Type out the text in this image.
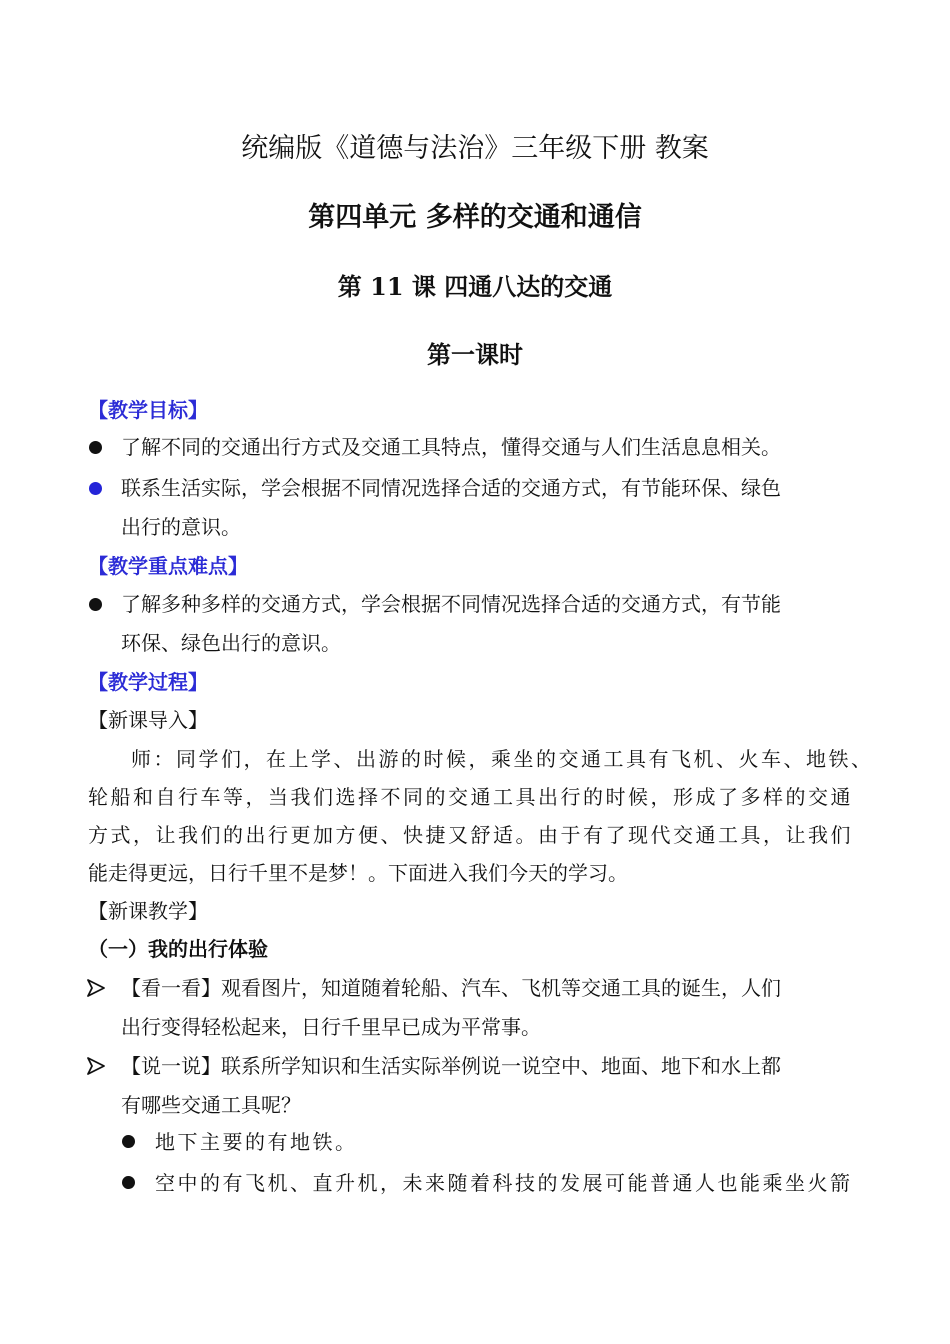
统编版《道德与法治》三年级下册 教案
第四单元 多样的交通和通信
第 11 课 四通八达的交通
第一课时
【教学目标】
了解不同的交通出行方式及交通工具特点，懂得交通与人们生活息息相关。
联系生活实际，学会根据不同情况选择合适的交通方式，有节能环保、绿色
出行的意识。
【教学重点难点】
了解多种多样的交通方式，学会根据不同情况选择合适的交通方式，有节能
环保、绿色出行的意识。
【教学过程】
【新课导入】
师：同学们，在上学、出游的时候，乘坐的交通工具有飞机、火车、地铁、
轮船和自行车等，当我们选择不同的交通工具出行的时候，形成了多样的交通
方式，让我们的出行更加方便、快捷又舒适。由于有了现代交通工具，让我们
能走得更远，日行千里不是梦！。下面进入我们今天的学习。
【新课教学】
（一）我的出行体验
【看一看】观看图片，知道随着轮船、汽车、飞机等交通工具的诞生，人们
出行变得轻松起来，日行千里早已成为平常事。
【说一说】联系所学知识和生活实际举例说一说空中、地面、地下和水上都
有哪些交通工具呢？
地下主要的有地铁。
空中的有飞机、直升机，未来随着科技的发展可能普通人也能乘坐火箭
